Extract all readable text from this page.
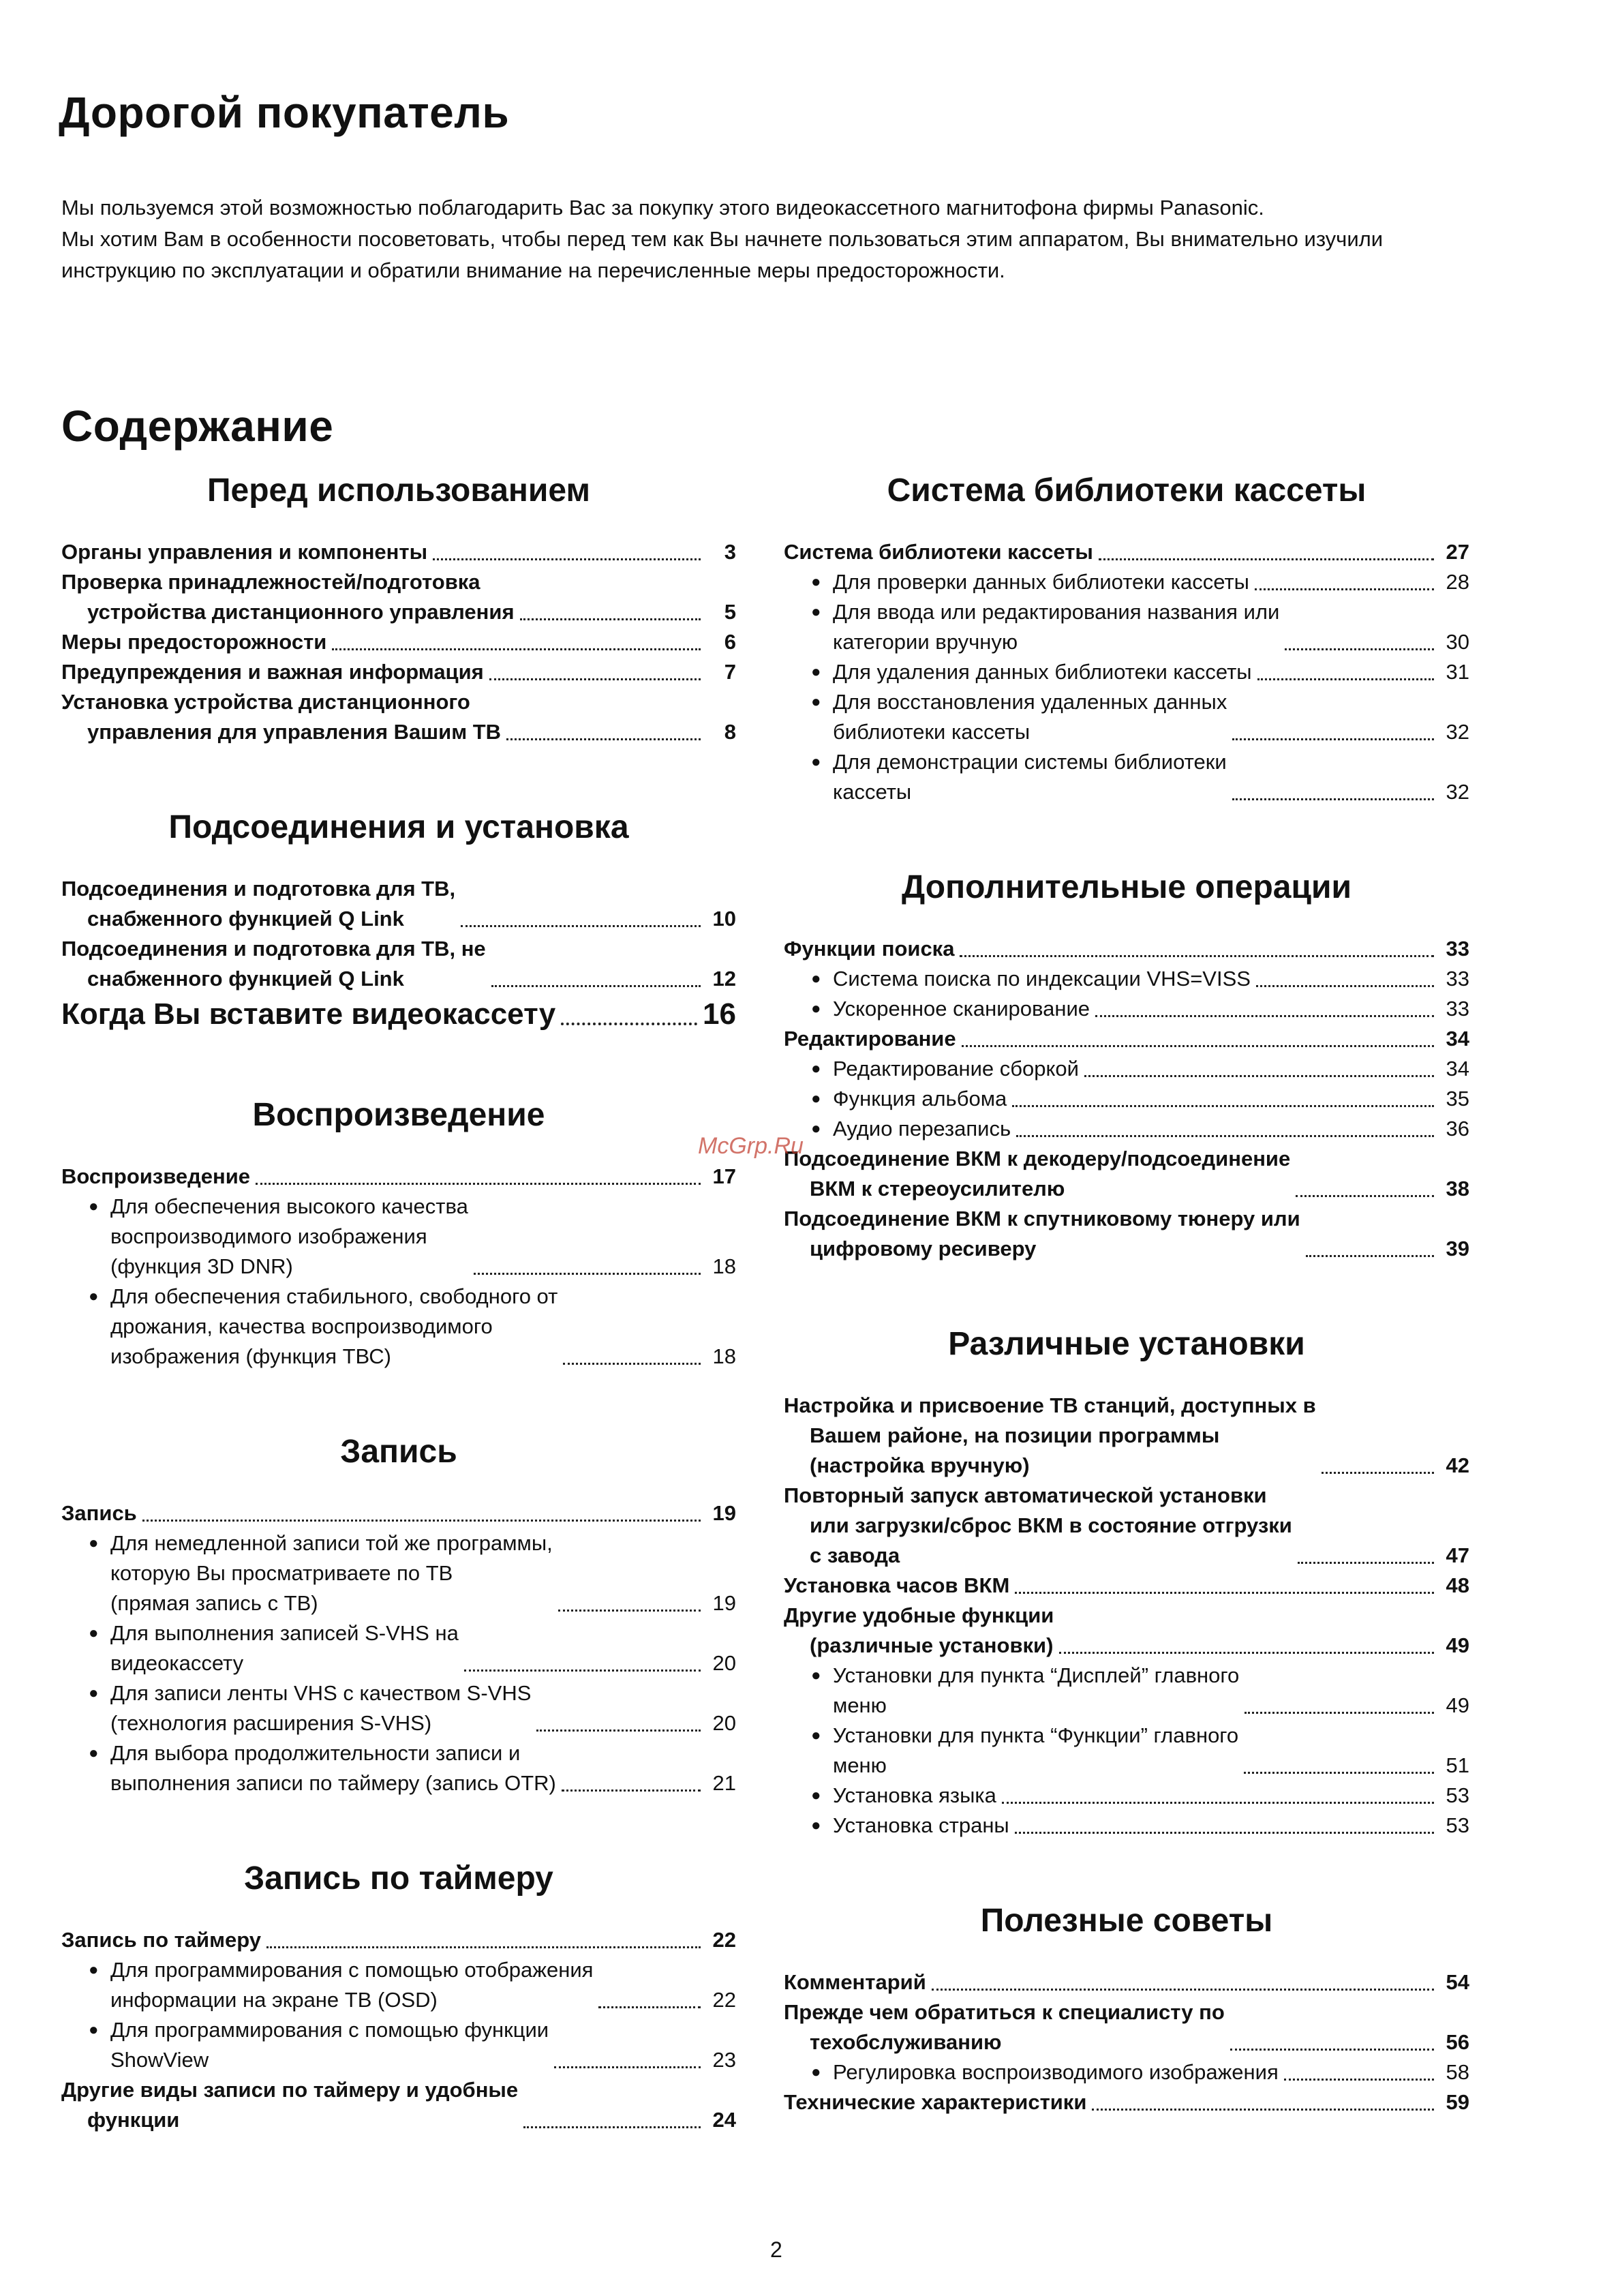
Дорогой покупатель

Мы пользуемся этой возможностью поблагодарить Вас за покупку этого видеокассетного магнитофона фирмы Panasonic.

Мы хотим Вам в особенности посоветовать, чтобы перед тем как Вы начнете пользоваться этим аппаратом, Вы внимательно изучили инструкцию по эксплуатации и обратили внимание на перечисленные меры предосторожности.

Содержание
Перед использованием
Органы управления и компоненты	3
Проверка принадлежностей/подготовка
устройства дистанционного управления	5
Меры предосторожности	6
Предупреждения и важная информация	7
Установка устройства дистанционного
управления для управления Вашим ТВ	8
Подсоединения и установка
Подсоединения и подготовка для ТВ,
снабженного функцией Q Link	10
Подсоединения и подготовка для ТВ, не
снабженного функцией Q Link	12
Когда Вы вставите видеокассету	16
Воспроизведение
Воспроизведение	17
● Для обеспечения высокого качества
воспроизводимого изображения
(функция 3D DNR)	18
● Для обеспечения стабильного, свободного от
дрожания, качества воспроизводимого
изображения (функция ТВС)	18
Запись
Запись	19
● Для немедленной записи той же программы,
которую Вы просматриваете по ТВ
(прямая запись с ТВ)	19
● Для выполнения записей S-VHS на
видеокассету	20
● Для записи ленты VHS с качеством S-VHS
(технология расширения S-VHS)	20
● Для выбора продолжительности записи и
выполнения записи по таймеру (запись OTR)	21
Запись по таймеру
Запись по таймеру	22
● Для программирования с помощью отображения
информации на экране ТВ (OSD)	22
● Для программирования с помощью функции
ShowView	23
Другие виды записи по таймеру и удобные
функции	24
Система библиотеки кассеты
Система библиотеки кассеты	27
● Для проверки данных библиотеки кассеты	28
● Для ввода или редактирования названия или
категории вручную	30
● Для удаления данных библиотеки кассеты	31
● Для восстановления удаленных данных
библиотеки кассеты	32
● Для демонстрации системы библиотеки
кассеты	32
Дополнительные операции
Функции поиска	33
● Система поиска по индексации VHS=VISS	33
● Ускоренное сканирование	33
Редактирование	34
● Редактирование сборкой	34
● Функция альбома	35
● Аудио перезапись	36
Подсоединение ВКМ к декодеру/подсоединение
ВКМ к стереоусилителю	38
Подсоединение ВКМ к спутниковому тюнеру или
цифровому ресиверу	39
Различные установки
Настройка и присвоение ТВ станций, доступных в
Вашем районе, на позиции программы
(настройка вручную)	42
Повторный запуск автоматической установки
или загрузки/сброс ВКМ в состояние отгрузки
с завода	47
Установка часов ВКМ	48
Другие удобные функции
(различные установки)	49
● Установки для пункта “Дисплей” главного
меню	49
● Установки для пункта “Функции” главного
меню	51
● Установка языка	53
● Установка страны	53
Полезные советы
Комментарий	54
Прежде чем обратиться к специалисту по
техобслуживанию	56
● Регулировка воспроизводимого изображения	58
Технические характеристики	59
McGrp.Ru
2
